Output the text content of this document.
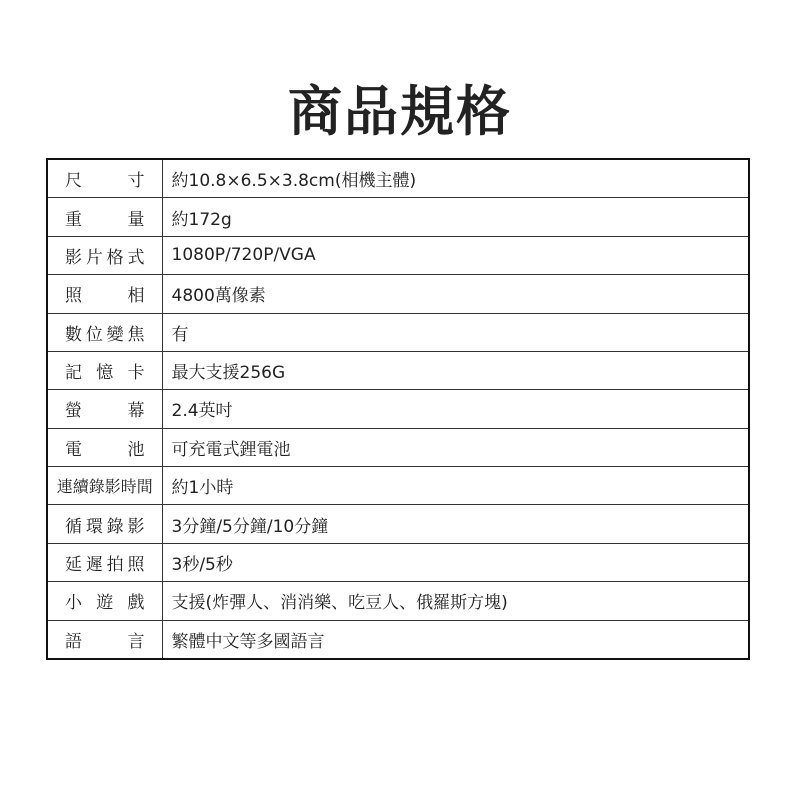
商品規格
尺　寸	約10.8×6.5×3.8cm(相機主體)
重　量	約172g
影片格式	1080P/720P/VGA
照　相	4800萬像素
數位變焦	有
記憶卡	最大支援256G
螢　幕	2.4英吋
電　池	可充電式鋰電池
連續錄影時間	約1小時
循環錄影	3分鐘/5分鐘/10分鐘
延遲拍照	3秒/5秒
小遊戲	支援(炸彈人、消消樂、吃豆人、俄羅斯方塊)
語　言	繁體中文等多國語言
